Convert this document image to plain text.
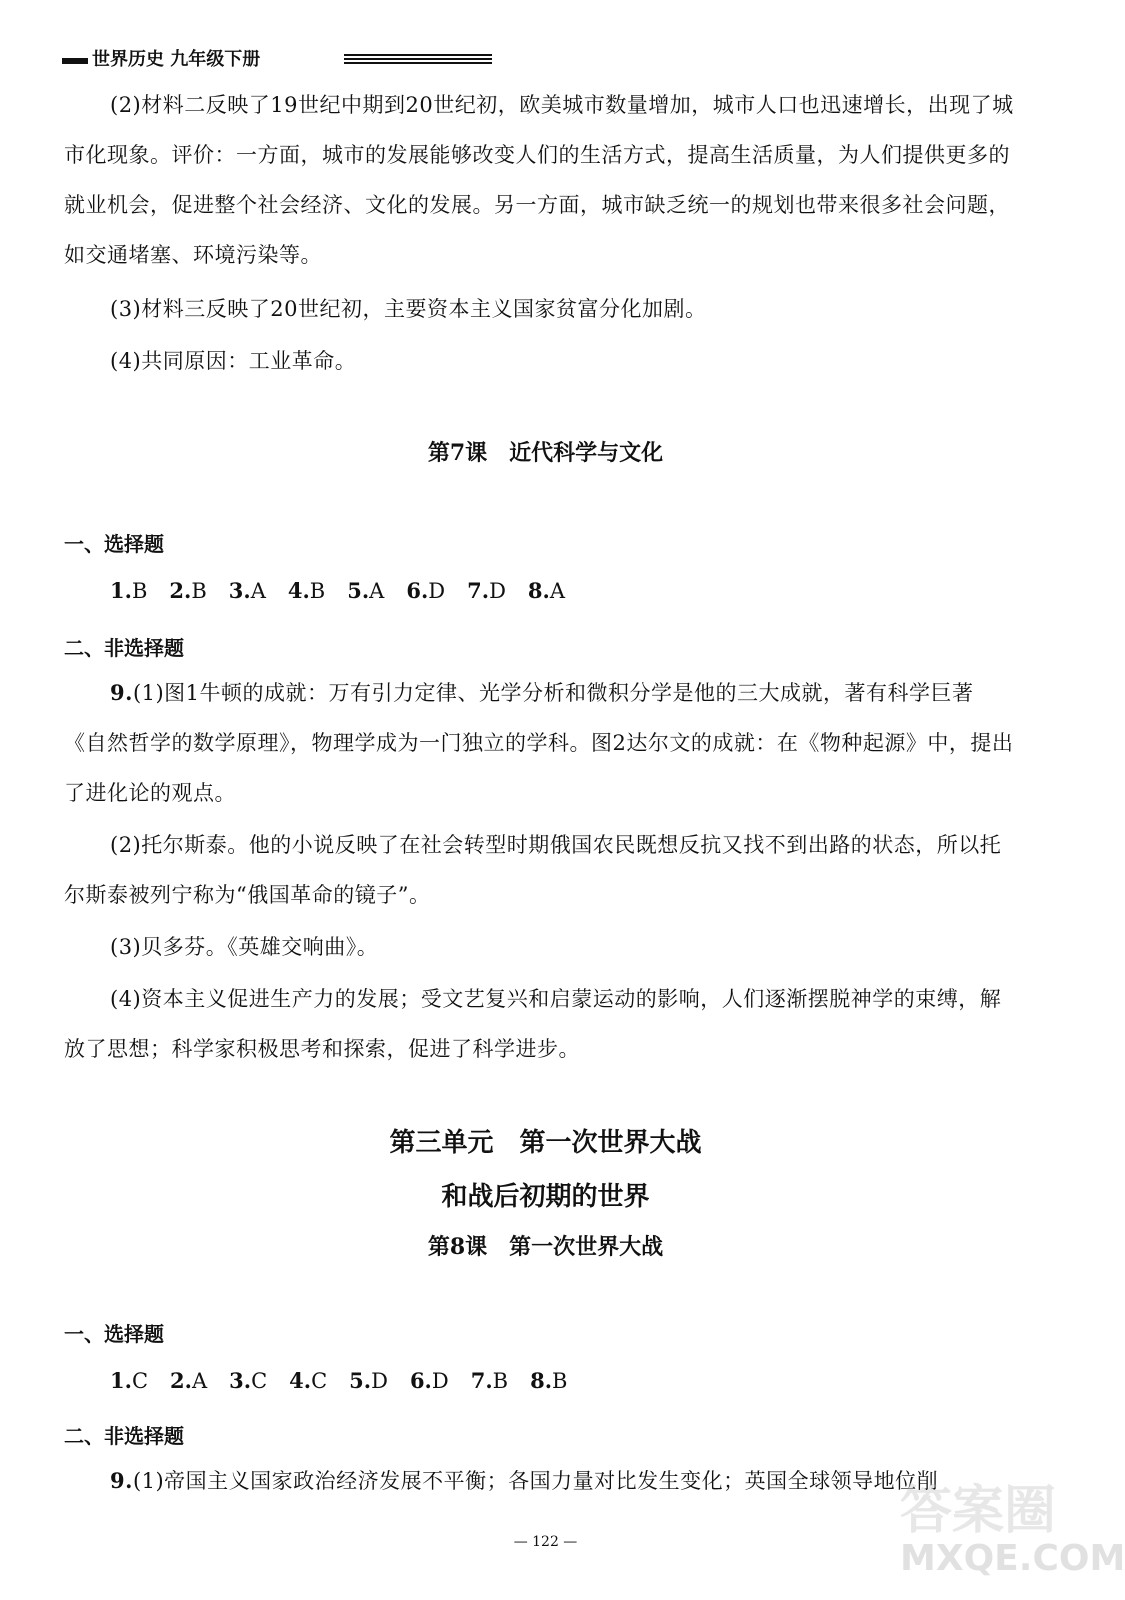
世界历史 九年级下册
(2)材料二反映了19世纪中期到20世纪初，欧美城市数量增加，城市人口也迅速增长，出现了城市化现象。评价：一方面，城市的发展能够改变人们的生活方式，提高生活质量，为人们提供更多的就业机会，促进整个社会经济、文化的发展。另一方面，城市缺乏统一的规划也带来很多社会问题，如交通堵塞、环境污染等。
(3)材料三反映了20世纪初，主要资本主义国家贫富分化加剧。
(4)共同原因：工业革命。
第7课　近代科学与文化
一、选择题
1.B 2.B 3.A 4.B 5.A 6.D 7.D 8.A
二、非选择题
9.(1)图1牛顿的成就：万有引力定律、光学分析和微积分学是他的三大成就，著有科学巨著《自然哲学的数学原理》，物理学成为一门独立的学科。图2达尔文的成就：在《物种起源》中，提出了进化论的观点。
(2)托尔斯泰。他的小说反映了在社会转型时期俄国农民既想反抗又找不到出路的状态，所以托尔斯泰被列宁称为“俄国革命的镜子”。
(3)贝多芬。《英雄交响曲》。
(4)资本主义促进生产力的发展；受文艺复兴和启蒙运动的影响，人们逐渐摆脱神学的束缚，解放了思想；科学家积极思考和探索，促进了科学进步。
第三单元　第一次世界大战
和战后初期的世界
第8课　第一次世界大战
一、选择题
1.C 2.A 3.C 4.C 5.D 6.D 7.B 8.B
二、非选择题
9.(1)帝国主义国家政治经济发展不平衡；各国力量对比发生变化；英国全球领导地位削
— 122 —
答案圈
MXQE.COM
